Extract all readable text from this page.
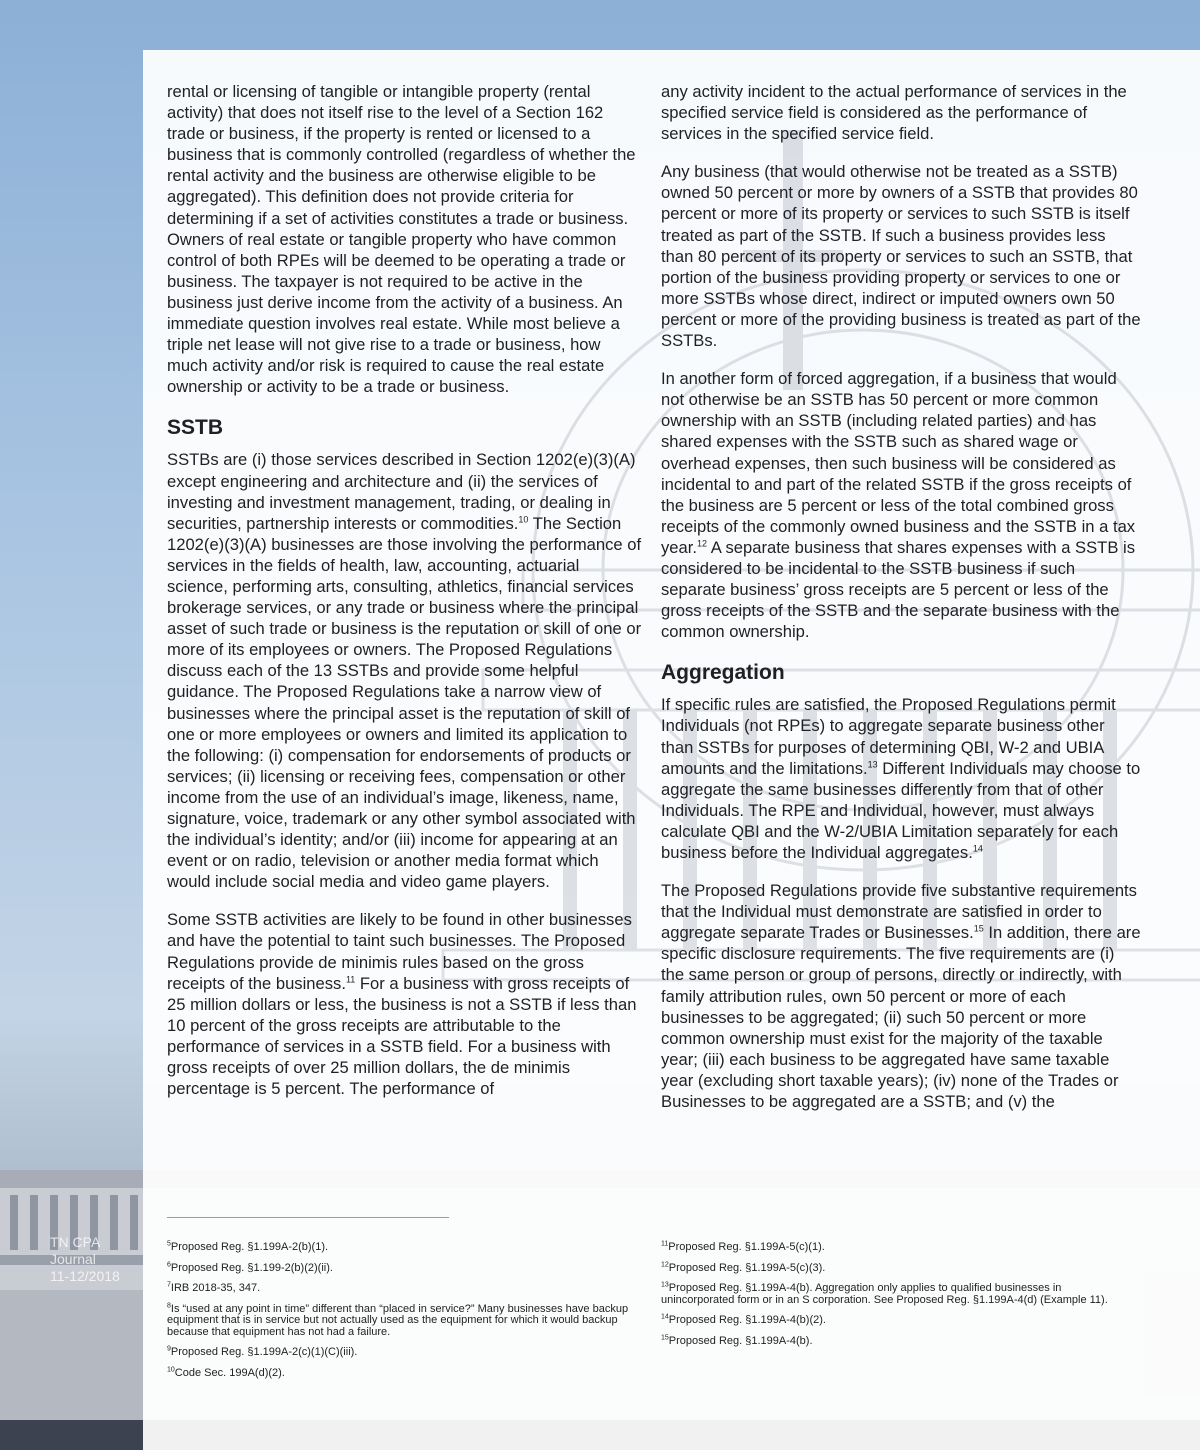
TN CPA
Journal
11-12/2018

rental or licensing of tangible or intangible property (rental activity) that does not itself rise to the level of a Section 162 trade or business, if the property is rented or licensed to a business that is commonly controlled (regardless of whether the rental activity and the business are otherwise eligible to be aggregated). This definition does not provide criteria for determining if a set of activities constitutes a trade or business. Owners of real estate or tangible property who have common control of both RPEs will be deemed to be operating a trade or business. The taxpayer is not required to be active in the business just derive income from the activity of a business. An immediate question involves real estate. While most believe a triple net lease will not give rise to a trade or business, how much activity and/or risk is required to cause the real estate ownership or activity to be a trade or business.

SSTB

SSTBs are (i) those services described in Section 1202(e)(3)(A) except engineering and architecture and (ii) the services of investing and investment management, trading, or dealing in securities, partnership interests or commodities.$^{10}$ The Section 1202(e)(3)(A) businesses are those involving the performance of services in the fields of health, law, accounting, actuarial science, performing arts, consulting, athletics, financial services brokerage services, or any trade or business where the principal asset of such trade or business is the reputation or skill of one or more of its employees or owners. The Proposed Regulations discuss each of the 13 SSTBs and provide some helpful guidance. The Proposed Regulations take a narrow view of businesses where the principal asset is the reputation of skill of one or more employees or owners and limited its application to the following: (i) compensation for endorsements of products or services; (ii) licensing or receiving fees, compensation or other income from the use of an individual’s image, likeness, name, signature, voice, trademark or any other symbol associated with the individual’s identity; and/or (iii) income for appearing at an event or on radio, television or another media format which would include social media and video game players.

Some SSTB activities are likely to be found in other businesses and have the potential to taint such businesses. The Proposed Regulations provide de minimis rules based on the gross receipts of the business.$^{11}$ For a business with gross receipts of 25 million dollars or less, the business is not a SSTB if less than 10 percent of the gross receipts are attributable to the performance of services in a SSTB field. For a business with gross receipts of over 25 million dollars, the de minimis percentage is 5 percent. The performance of

any activity incident to the actual performance of services in the specified service field is considered as the performance of services in the specified service field.

Any business (that would otherwise not be treated as a SSTB) owned 50 percent or more by owners of a SSTB that provides 80 percent or more of its property or services to such SSTB is itself treated as part of the SSTB. If such a business provides less than 80 percent of its property or services to such an SSTB, that portion of the business providing property or services to one or more SSTBs whose direct, indirect or imputed owners own 50 percent or more of the providing business is treated as part of the SSTBs.

In another form of forced aggregation, if a business that would not otherwise be an SSTB has 50 percent or more common ownership with an SSTB (including related parties) and has shared expenses with the SSTB such as shared wage or overhead expenses, then such business will be considered as incidental to and part of the related SSTB if the gross receipts of the business are 5 percent or less of the total combined gross receipts of the commonly owned business and the SSTB in a tax year.$^{12}$ A separate business that shares expenses with a SSTB is considered to be incidental to the SSTB business if such separate business’ gross receipts are 5 percent or less of the gross receipts of the SSTB and the separate business with the common ownership.

Aggregation

If specific rules are satisfied, the Proposed Regulations permit Individuals (not RPEs) to aggregate separate business other than SSTBs for purposes of determining QBI, W-2 and UBIA amounts and the limitations.$^{13}$ Different Individuals may choose to aggregate the same businesses differently from that of other Individuals. The RPE and Individual, however, must always calculate QBI and the W-2/UBIA Limitation separately for each business before the Individual aggregates.$^{14}$

The Proposed Regulations provide five substantive requirements that the Individual must demonstrate are satisfied in order to aggregate separate Trades or Businesses.$^{15}$ In addition, there are specific disclosure requirements. The five requirements are (i) the same person or group of persons, directly or indirectly, with family attribution rules, own 50 percent or more of each businesses to be aggregated; (ii) such 50 percent or more common ownership must exist for the majority of the taxable year; (iii) each business to be aggregated have same taxable year (excluding short taxable years); (iv) none of the Trades or Businesses to be aggregated are a SSTB; and (v) the

$^5$Proposed Reg. §1.199A-2(b)(1).
$^6$Proposed Reg. §1.199-2(b)(2)(ii).
$^7$IRB 2018-35, 347.
$^8$Is “used at any point in time” different than “placed in service?” Many businesses have backup equipment that is in service but not actually used as the equipment for which it would backup because that equipment has not had a failure.
$^9$Proposed Reg. §1.199A-2(c)(1)(C)(iii).
$^{10}$Code Sec. 199A(d)(2).
$^{11}$Proposed Reg. §1.199A-5(c)(1).
$^{12}$Proposed Reg. §1.199A-5(c)(3).
$^{13}$Proposed Reg. §1.199A-4(b). Aggregation only applies to qualified businesses in unincorporated form or in an S corporation. See Proposed Reg. §1.199A-4(d) (Example 11).
$^{14}$Proposed Reg. §1.199A-4(b)(2).
$^{15}$Proposed Reg. §1.199A-4(b).
